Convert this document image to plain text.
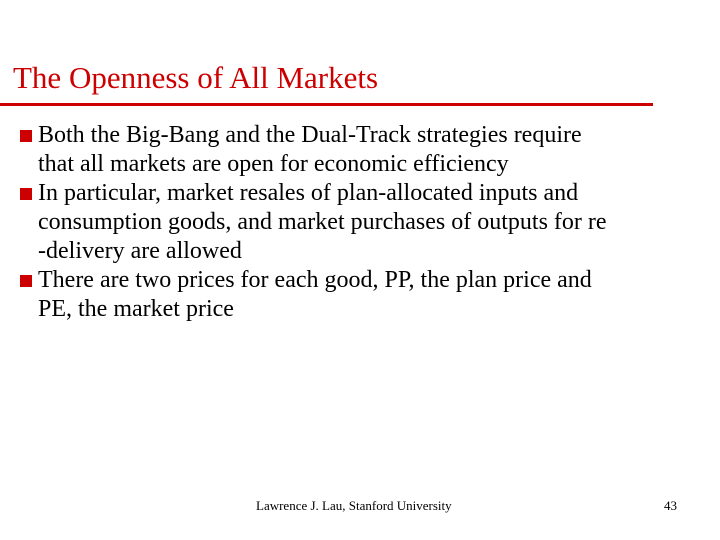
The Openness of All Markets
Both the Big-Bang and the Dual-Track strategies require
that all markets are open for economic efficiency
In particular, market resales of plan-allocated inputs and
consumption goods, and market purchases of outputs for re
-delivery are allowed
There are two prices for each good, PP, the plan price and
PE, the market price
Lawrence J. Lau, Stanford University	43
